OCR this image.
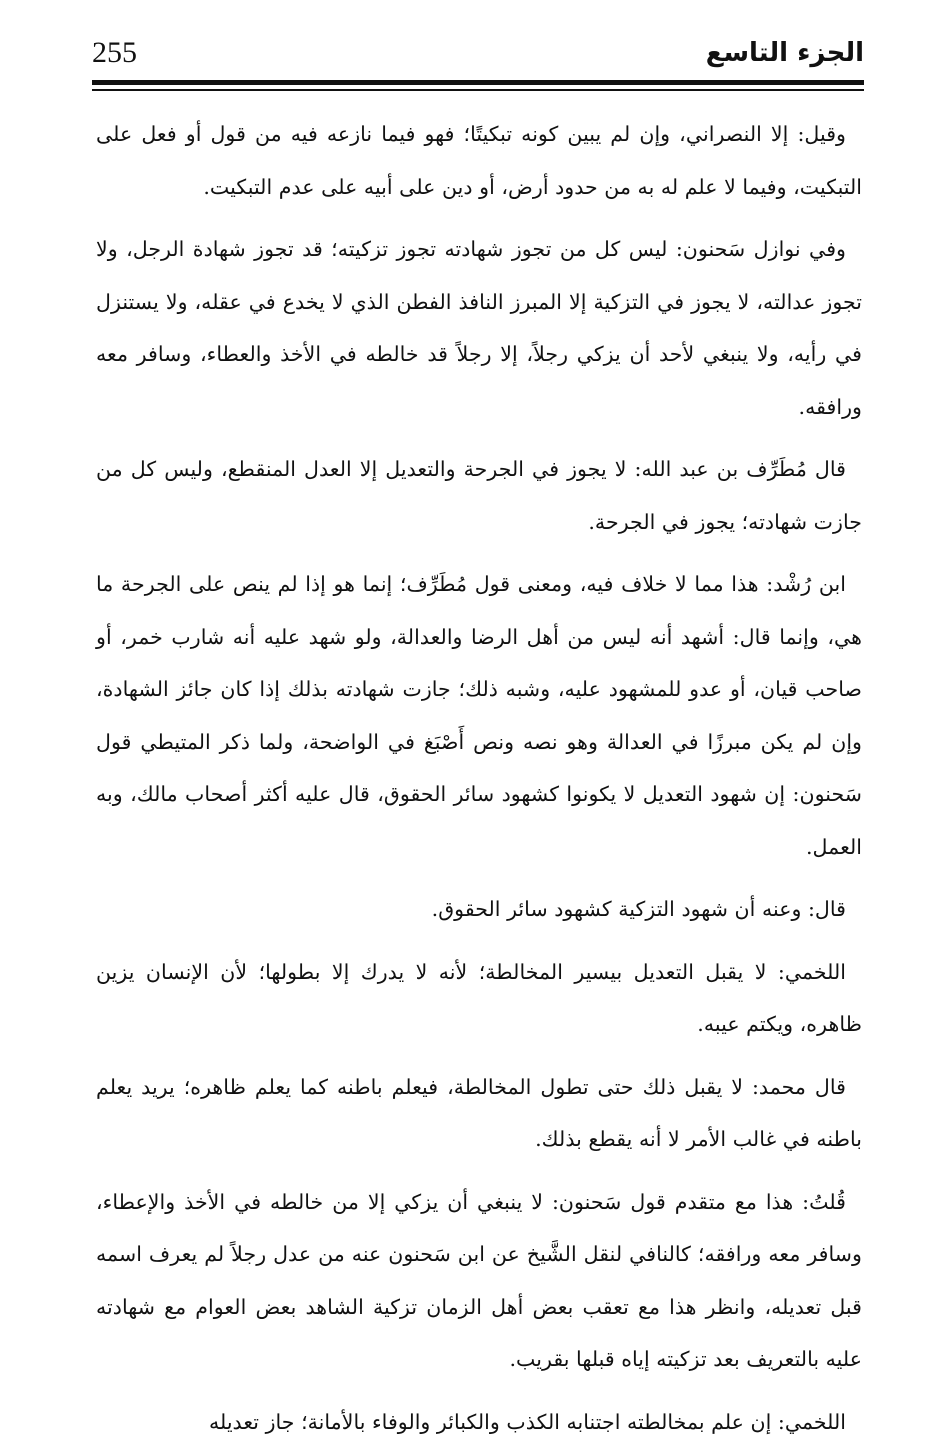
255	الجزء التاسع

وقيل: إلا النصراني، وإن لم يبين كونه تبكيتًا؛ فهو فيما نازعه فيه من قول أو فعل على التبكيت، وفيما لا علم له به من حدود أرض، أو دين على أبيه على عدم التبكيت.

وفي نوازل سَحنون: ليس كل من تجوز شهادته تجوز تزكيته؛ قد تجوز شهادة الرجل، ولا تجوز عدالته، لا يجوز في التزكية إلا المبرز النافذ الفطن الذي لا يخدع في عقله، ولا يستنزل في رأيه، ولا ينبغي لأحد أن يزكي رجلاً، إلا رجلاً قد خالطه في الأخذ والعطاء، وسافر معه ورافقه.

قال مُطَرِّف بن عبد الله: لا يجوز في الجرحة والتعديل إلا العدل المنقطع، وليس كل من جازت شهادته؛ يجوز في الجرحة.

ابن رُشْد: هذا مما لا خلاف فيه، ومعنى قول مُطَرِّف؛ إنما هو إذا لم ينص على الجرحة ما هي، وإنما قال: أشهد أنه ليس من أهل الرضا والعدالة، ولو شهد عليه أنه شارب خمر، أو صاحب قيان، أو عدو للمشهود عليه، وشبه ذلك؛ جازت شهادته بذلك إذا كان جائز الشهادة، وإن لم يكن مبرزًا في العدالة وهو نصه ونص أَصْبَغ في الواضحة، ولما ذكر المتيطي قول سَحنون: إن شهود التعديل لا يكونوا كشهود سائر الحقوق، قال عليه أكثر أصحاب مالك، وبه العمل.

قال: وعنه أن شهود التزكية كشهود سائر الحقوق.

اللخمي: لا يقبل التعديل بيسير المخالطة؛ لأنه لا يدرك إلا بطولها؛ لأن الإنسان يزين ظاهره، ويكتم عيبه.

قال محمد: لا يقبل ذلك حتى تطول المخالطة، فيعلم باطنه كما يعلم ظاهره؛ يريد يعلم باطنه في غالب الأمر لا أنه يقطع بذلك.

قُلتُ: هذا مع متقدم قول سَحنون: لا ينبغي أن يزكي إلا من خالطه في الأخذ والإعطاء، وسافر معه ورافقه؛ كالنافي لنقل الشَّيخ عن ابن سَحنون عنه من عدل رجلاً لم يعرف اسمه قبل تعديله، وانظر هذا مع تعقب بعض أهل الزمان تزكية الشاهد بعض العوام مع شهادته عليه بالتعريف بعد تزكيته إياه قبلها بقريب.

اللخمي: إن علم بمخالطته اجتنابه الكذب والكبائر والوفاء بالأمانة؛ جاز تعديله
